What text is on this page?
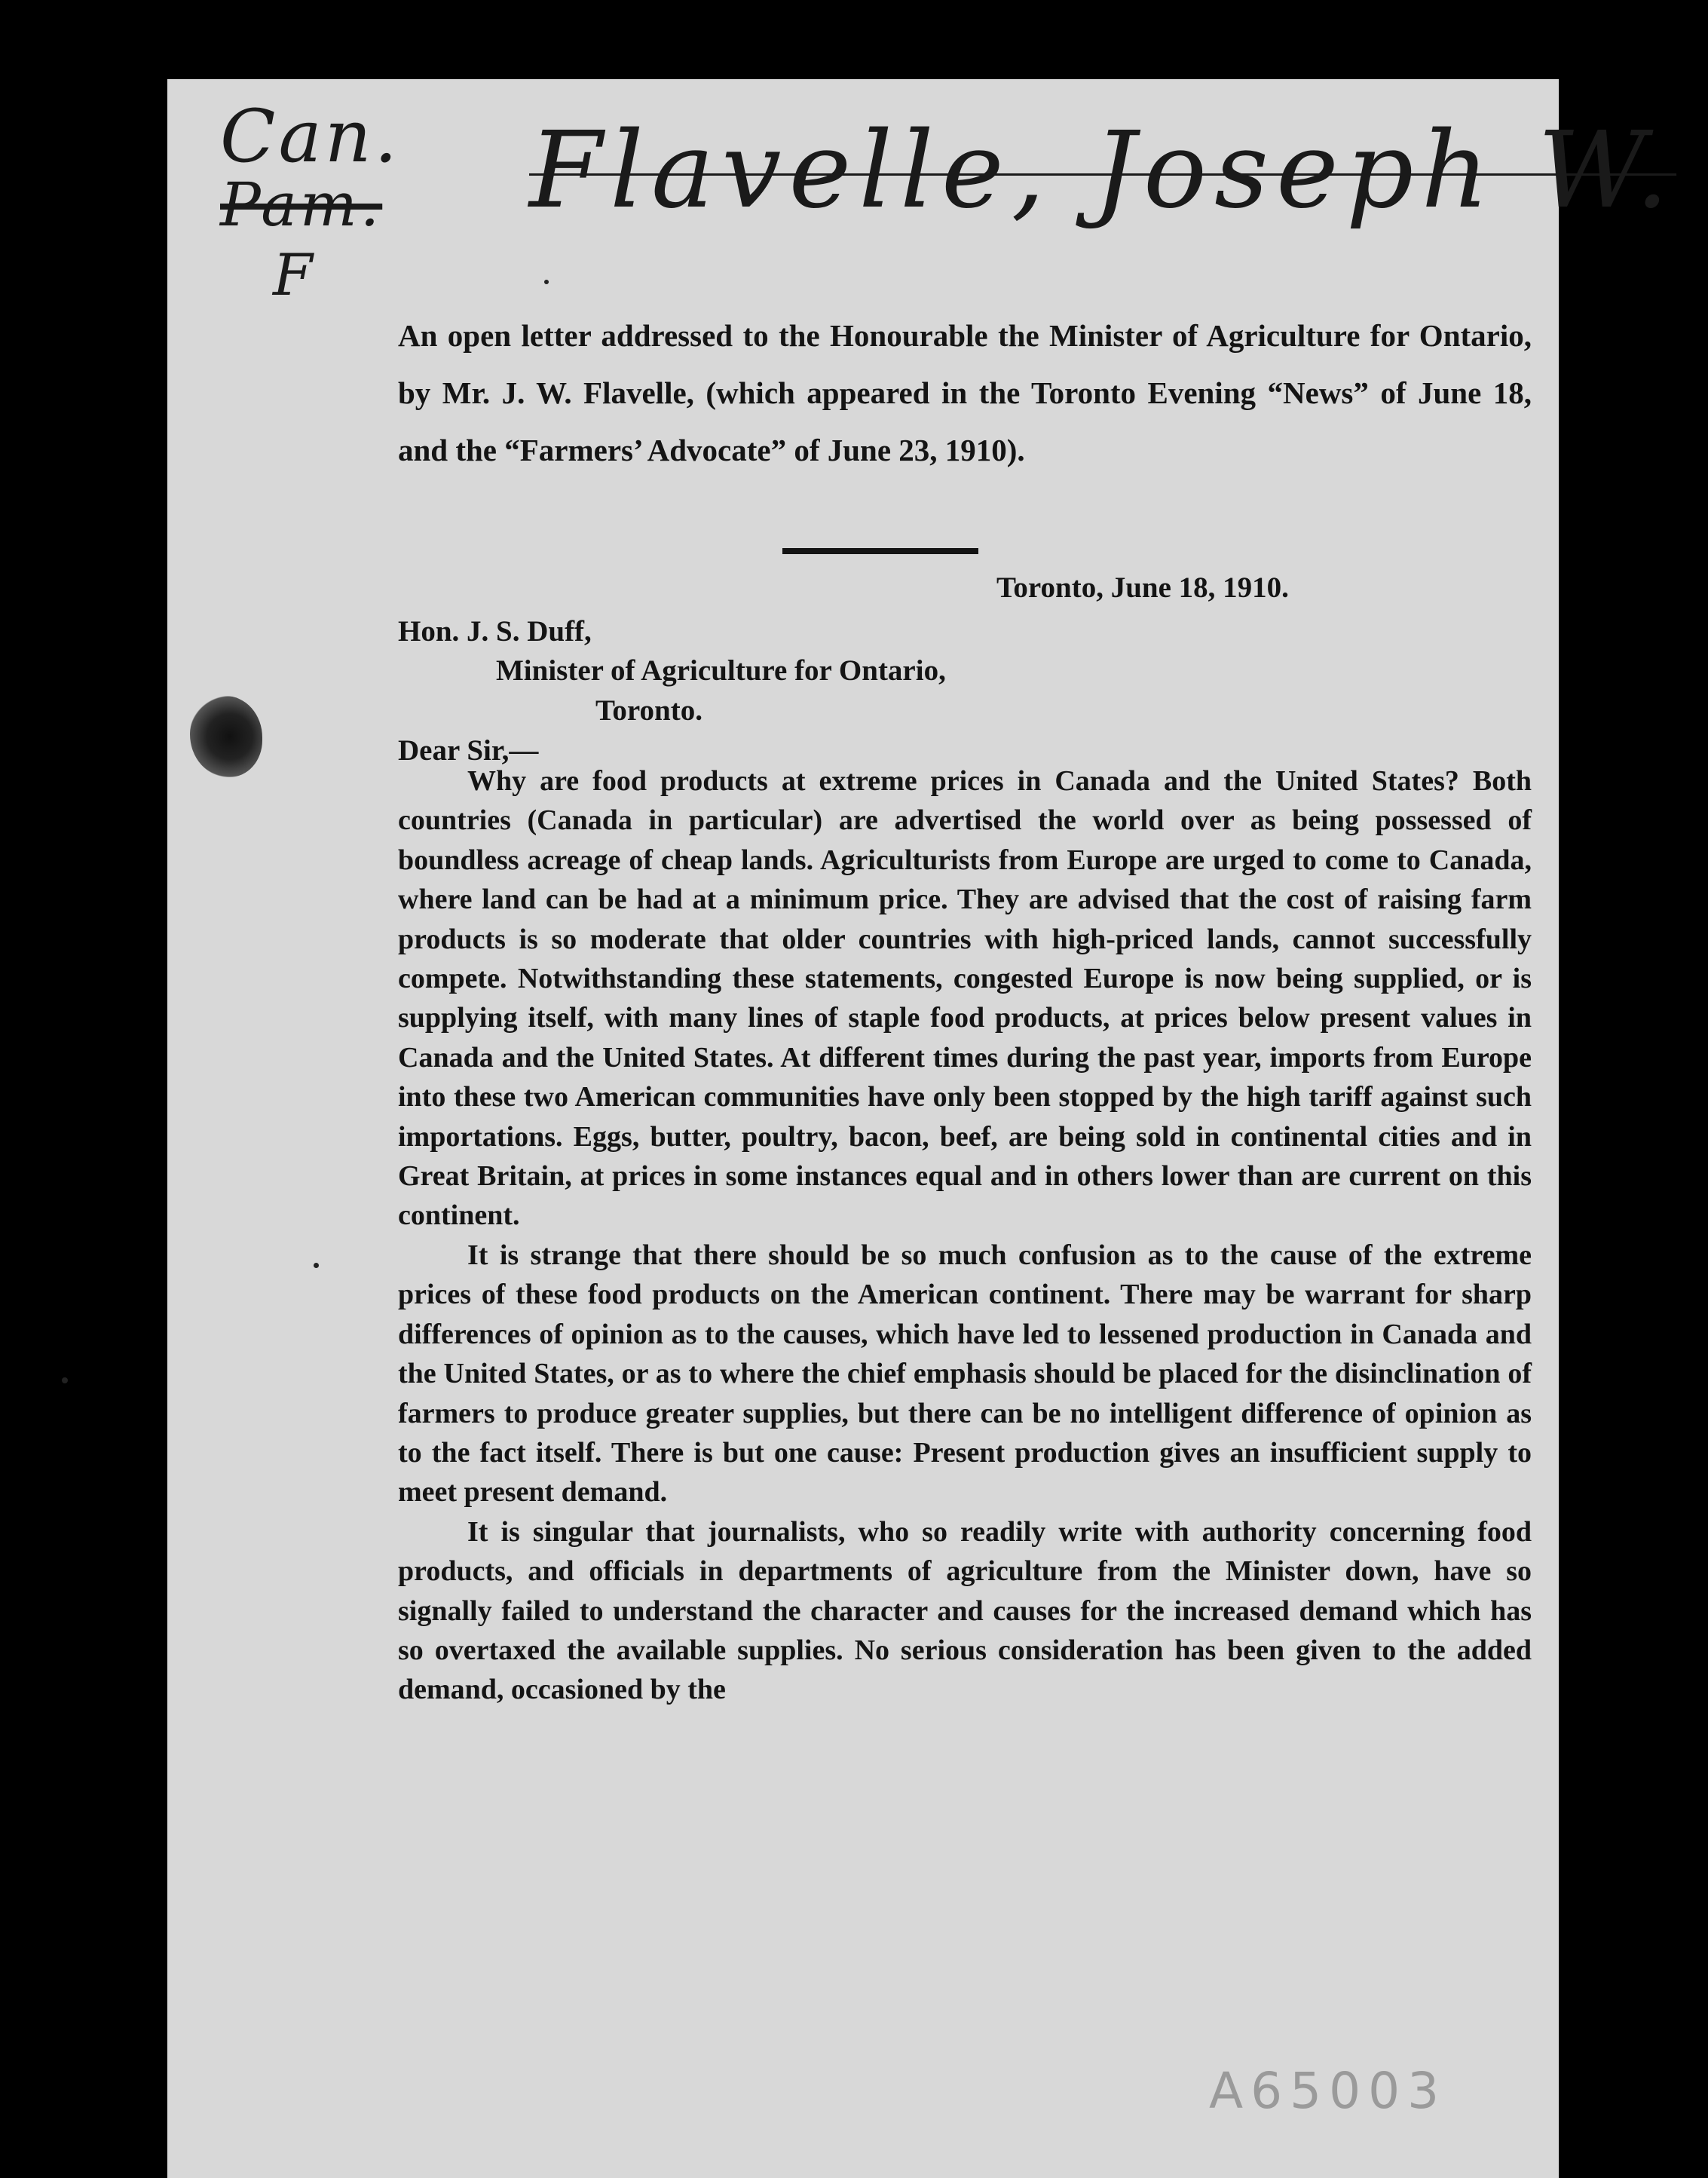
Can.
Pam.
F
Flavelle, Joseph W.
An open letter addressed to the Honourable the Minister of Agriculture for Ontario, by Mr. J. W. Flavelle, (which appeared in the Toronto Evening “News” of June 18, and the “Farmers’ Advocate” of June 23, 1910).
Toronto, June 18, 1910.
Hon. J. S. Duff,
Minister of Agriculture for Ontario,
Toronto.
Dear Sir,—

Why are food products at extreme prices in Canada and the United States? Both countries (Canada in particular) are advertised the world over as being possessed of boundless acreage of cheap lands. Agriculturists from Europe are urged to come to Canada, where land can be had at a minimum price. They are advised that the cost of raising farm products is so moderate that older countries with high-priced lands, cannot successfully compete. Notwithstanding these statements, congested Europe is now being supplied, or is supplying itself, with many lines of staple food products, at prices below present values in Canada and the United States. At different times during the past year, imports from Europe into these two American communities have only been stopped by the high tariff against such importations. Eggs, butter, poultry, bacon, beef, are being sold in continental cities and in Great Britain, at prices in some instances equal and in others lower than are current on this continent.

It is strange that there should be so much confusion as to the cause of the extreme prices of these food products on the American continent. There may be warrant for sharp differences of opinion as to the causes, which have led to lessened production in Canada and the United States, or as to where the chief emphasis should be placed for the disinclination of farmers to produce greater supplies, but there can be no intelligent difference of opinion as to the fact itself. There is but one cause: Present production gives an insufficient supply to meet present demand.

It is singular that journalists, who so readily write with authority concerning food products, and officials in departments of agriculture from the Minister down, have so signally failed to understand the character and causes for the increased demand which has so overtaxed the available supplies. No serious consideration has been given to the added demand, occasioned by the

A65003
